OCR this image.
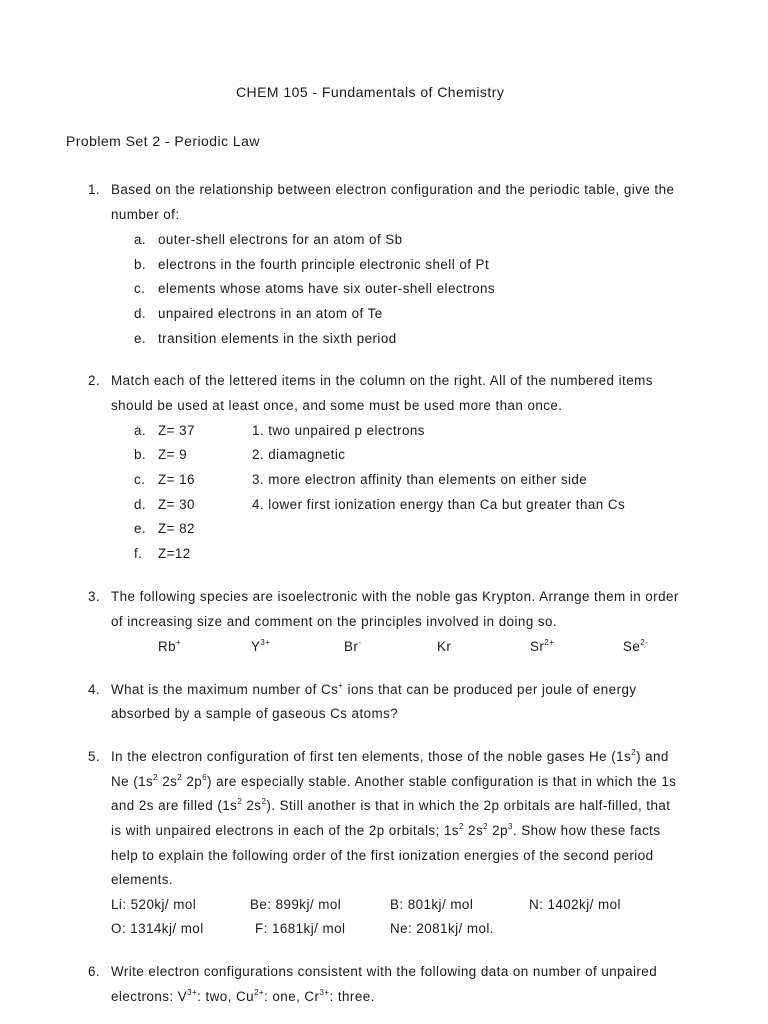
CHEM 105 - Fundamentals of Chemistry
Problem Set 2 - Periodic Law
1. Based on the relationship between electron configuration and the periodic table, give the
number of:
a. outer-shell electrons for an atom of Sb
b. electrons in the fourth principle electronic shell of Pt
c. elements whose atoms have six outer-shell electrons
d. unpaired electrons in an atom of Te
e. transition elements in the sixth period
2. Match each of the lettered items in the column on the right. All of the numbered items
should be used at least once, and some must be used more than once.
a. Z= 37	1. two unpaired p electrons
b. Z= 9	2. diamagnetic
c. Z= 16	3. more electron affinity than elements on either side
d. Z= 30	4. lower first ionization energy than Ca but greater than Cs
e. Z= 82
f. Z=12
3. The following species are isoelectronic with the noble gas Krypton. Arrange them in order
of increasing size and comment on the principles involved in doing so.
Rb+	$Y^{3+}$	Br-	Kr	$Sr^{2+}$	$Se^{2-}$
4. What is the maximum number of Cs+ ions that can be produced per joule of energy
absorbed by a sample of gaseous Cs atoms?
5. In the electron configuration of first ten elements, those of the noble gases He $(1s^2)$ and
Ne ($1s^2$ $2s^2$ $2p^6$) are especially stable. Another stable configuration is that in which the 1s
and 2s are filled ($1s^2$ $2s^2$). Still another is that in which the 2p orbitals are half-filled, that
is with unpaired electrons in each of the 2p orbitals; $1s^2$ $2s^2$ $2p^3$. Show how these facts
help to explain the following order of the first ionization energies of the second period
elements.
Li: 520kj/ mol	Be: 899kj/ mol	B: 801kj/ mol	N: 1402kj/ mol
O: 1314kj/ mol	F: 1681kj/ mol	Ne: 2081kj/ mol.
6. Write electron configurations consistent with the following data on number of unpaired
electrons: $V^{3+}$: two, $Cu^{2+}$: one, $Cr^{3+}$: three.
